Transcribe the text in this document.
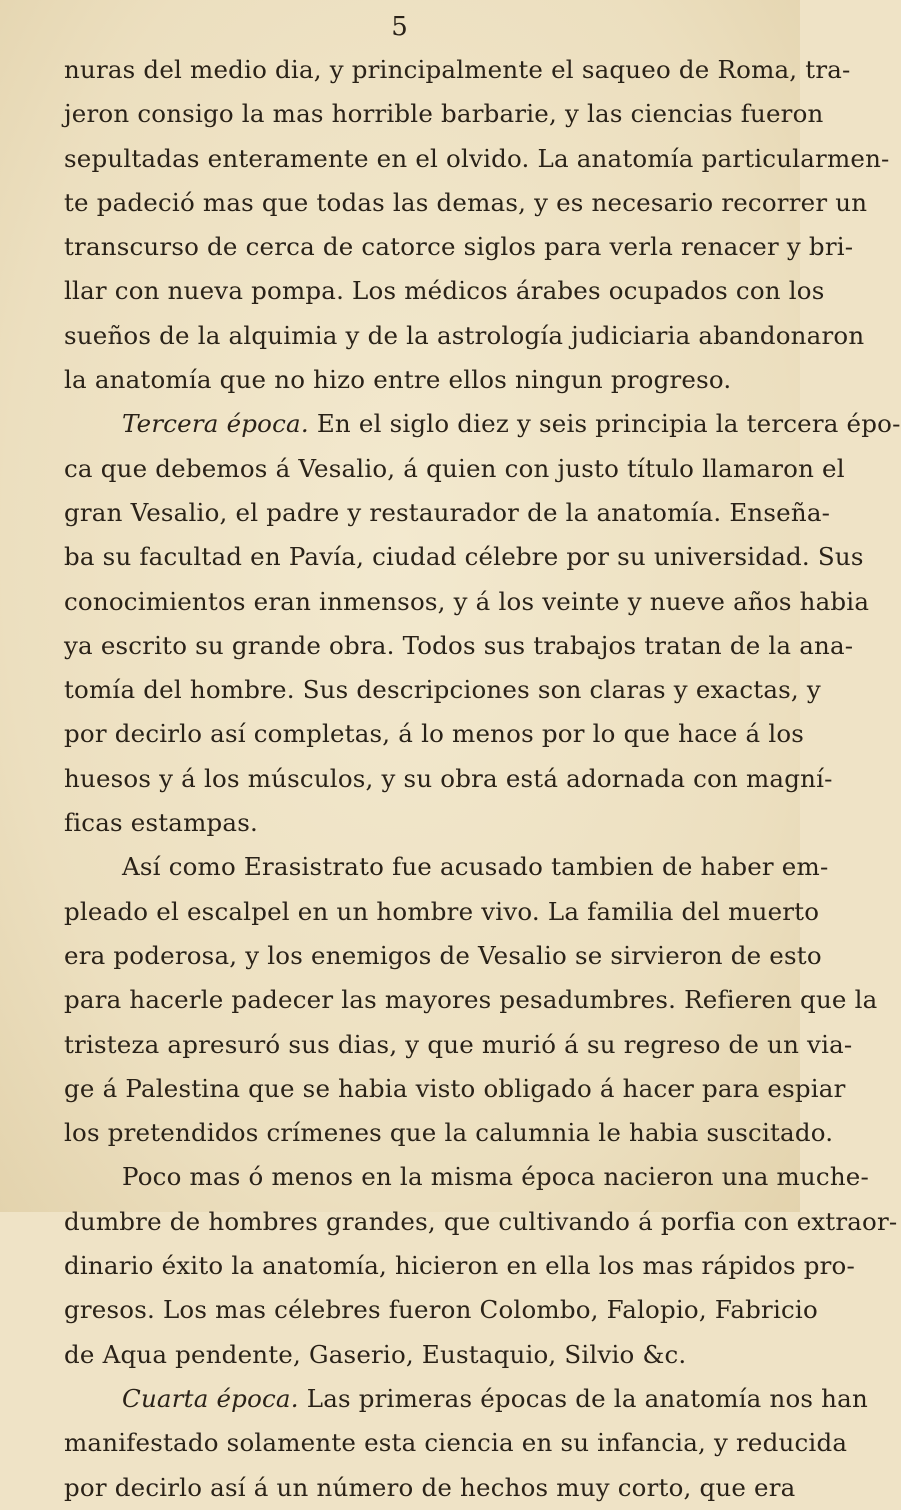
5
nuras del medio dia, y principalmente el saqueo de Roma, tra-
jeron consigo la mas horrible barbarie, y las ciencias fueron
sepultadas enteramente en el olvido. La anatomía particularmen-
te padeció mas que todas las demas, y es necesario recorrer un
transcurso de cerca de catorce siglos para verla renacer y bri-
llar con nueva pompa. Los médicos árabes ocupados con los
sueños de la alquimia y de la astrología judiciaria abandonaron
la anatomía que no hizo entre ellos ningun progreso.
Tercera época. En el siglo diez y seis principia la tercera épo-
ca que debemos á Vesalio, á quien con justo título llamaron el
gran Vesalio, el padre y restaurador de la anatomía. Enseña-
ba su facultad en Pavía, ciudad célebre por su universidad. Sus
conocimientos eran inmensos, y á los veinte y nueve años habia
ya escrito su grande obra. Todos sus trabajos tratan de la ana-
tomía del hombre. Sus descripciones son claras y exactas, y
por decirlo así completas, á lo menos por lo que hace á los
huesos y á los músculos, y su obra está adornada con magní-
ficas estampas.
Así como Erasistrato fue acusado tambien de haber em-
pleado el escalpel en un hombre vivo. La familia del muerto
era poderosa, y los enemigos de Vesalio se sirvieron de esto
para hacerle padecer las mayores pesadumbres. Refieren que la
tristeza apresuró sus dias, y que murió á su regreso de un via-
ge á Palestina que se habia visto obligado á hacer para espiar
los pretendidos crímenes que la calumnia le habia suscitado.
Poco mas ó menos en la misma época nacieron una muche-
dumbre de hombres grandes, que cultivando á porfia con extraor-
dinario éxito la anatomía, hicieron en ella los mas rápidos pro-
gresos. Los mas célebres fueron Colombo, Falopio, Fabricio
de Aqua pendente, Gaserio, Eustaquio, Silvio &c.
Cuarta época. Las primeras épocas de la anatomía nos han
manifestado solamente esta ciencia en su infancia, y reducida
por decirlo así á un número de hechos muy corto, que era
